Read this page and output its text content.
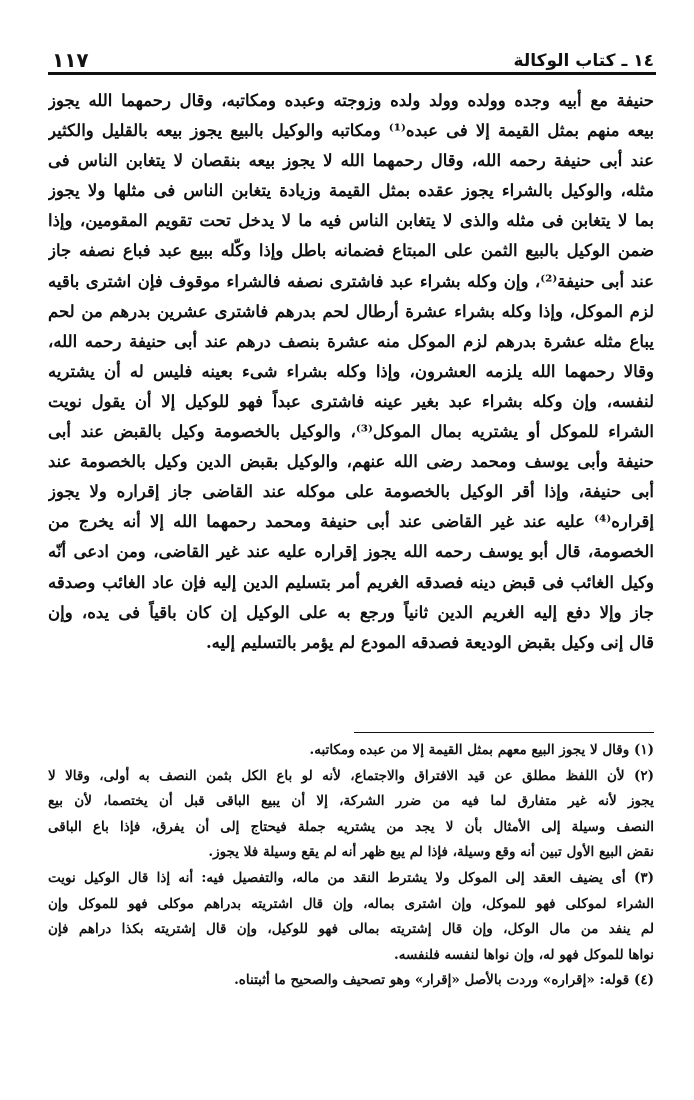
١٤ ـ كتاب الوكالة
١١٧
حنيفة مع أبيه وجده وولده وولد ولده وزوجته وعبده ومكاتبه، وقال رحمهما الله يجوز
بيعه منهم بمثل القيمة إلا فى عبده⁽¹⁾ ومكاتبه والوكيل بالبيع يجوز بيعه بالقليل والكثير
عند أبى حنيفة رحمه الله، وقال رحمهما الله لا يجوز بيعه بنقصان لا يتغابن الناس فى
مثله، والوكيل بالشراء يجوز عقده بمثل القيمة وزيادة يتغابن الناس فى مثلها ولا يجوز
بما لا يتغابن فى مثله والذى لا يتغابن الناس فيه ما لا يدخل تحت تقويم المقومين، وإذا
ضمن الوكيل بالبيع الثمن على المبتاع فضمانه باطل وإذا وكّله ببيع عبد فباع نصفه جاز
عند أبى حنيفة⁽²⁾، وإن وكله بشراء عبد فاشترى نصفه فالشراء موقوف فإن اشترى باقيه
لزم الموكل، وإذا وكله بشراء عشرة أرطال لحم بدرهم فاشترى عشرين بدرهم من لحم
يباع مثله عشرة بدرهم لزم الموكل منه عشرة بنصف درهم عند أبى حنيفة رحمه الله،
وقالا رحمهما الله يلزمه العشرون، وإذا وكله بشراء شىء بعينه فليس له أن يشتريه
لنفسه، وإن وكله بشراء عبد بغير عينه فاشترى عبداً فهو للوكيل إلا أن يقول نويت
الشراء للموكل أو يشتريه بمال الموكل⁽³⁾، والوكيل بالخصومة وكيل بالقبض عند أبى
حنيفة وأبى يوسف ومحمد رضى الله عنهم، والوكيل بقبض الدين وكيل بالخصومة عند
أبى حنيفة، وإذا أقر الوكيل بالخصومة على موكله عند القاضى جاز إقراره ولا يجوز
إقراره⁽⁴⁾ عليه عند غير القاضى عند أبى حنيفة ومحمد رحمهما الله إلا أنه يخرج من
الخصومة، قال أبو يوسف رحمه الله يجوز إقراره عليه عند غير القاضى، ومن ادعى أنّه
وكيل الغائب فى قبض دينه فصدقه الغريم أمر بتسليم الدين إليه فإن عاد الغائب وصدقه
جاز وإلا دفع إليه الغريم الدين ثانياً ورجع به على الوكيل إن كان باقياً فى يده، وإن
قال إنى وكيل بقبض الوديعة فصدقه المودع لم يؤمر بالتسليم إليه.
(١) وقال لا يجوز البيع معهم بمثل القيمة إلا من عبده ومكاتبه.
(٢) لأن اللفظ مطلق عن قيد الافتراق والاجتماع، لأنه لو باع الكل بثمن النصف به أولى، وقالا لا
يجوز لأنه غير متفارق لما فيه من ضرر الشركة، إلا أن يبيع الباقى قبل أن يختصما، لأن بيع
النصف وسيلة إلى الأمثال بأن لا يجد من يشتريه جملة فيحتاج إلى أن يفرق، فإذا باع الباقى
نقض البيع الأول تبين أنه وقع وسيلة، فإذا لم يبع ظهر أنه لم يقع وسيلة فلا يجوز.
(٣) أى يضيف العقد إلى الموكل ولا يشترط النقد من ماله، والتفصيل فيه: أنه إذا قال الوكيل نويت
الشراء لموكلى فهو للموكل، وإن اشترى بماله، وإن قال اشتريته بدراهم موكلى فهو للموكل وإن
لم ينفد من مال الوكل، وإن قال إشتريته بمالى فهو للوكيل، وإن قال إشتريته بكذا دراهم فإن
نواها للموكل فهو له، وإن نواها لنفسه فلنفسه.
(٤) قوله: «إقراره» وردت بالأصل «إقرار» وهو تصحيف والصحيح ما أثبتناه.
